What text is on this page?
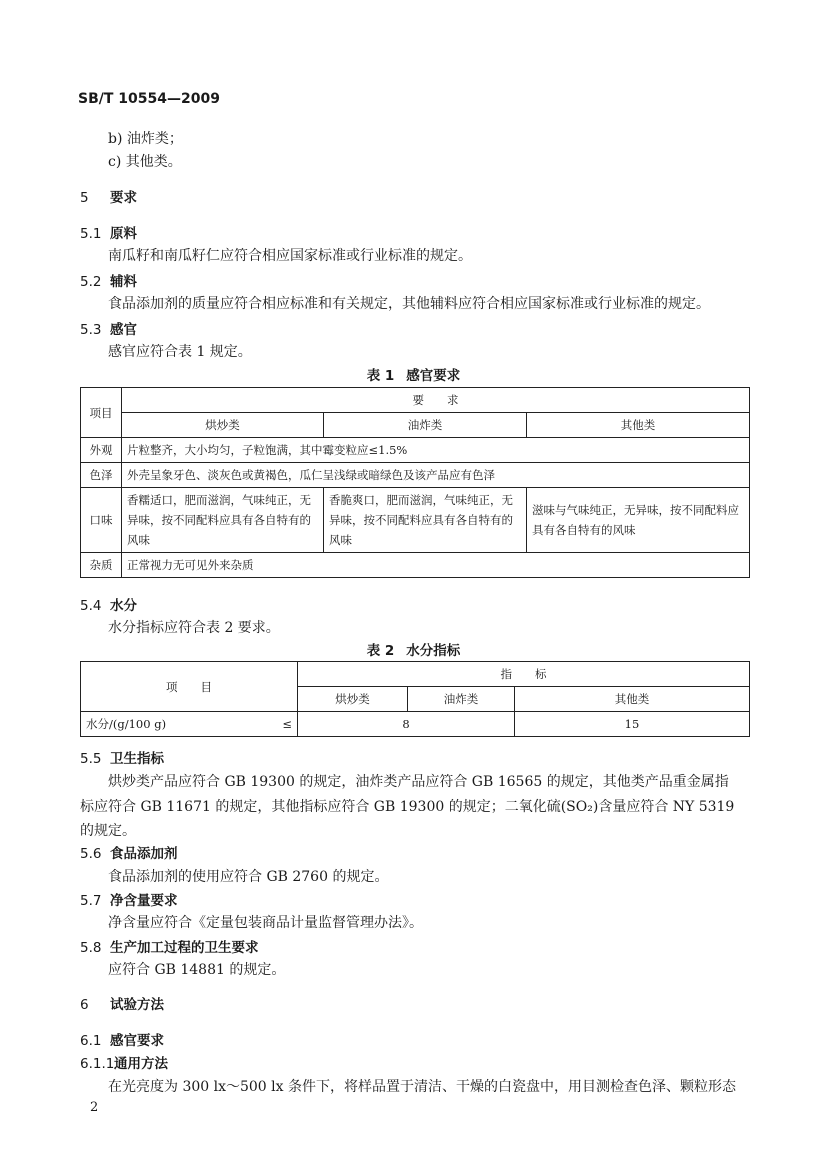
SB/T 10554—2009
b) 油炸类；
c) 其他类。
5 要求
5.1 原料
南瓜籽和南瓜籽仁应符合相应国家标准或行业标准的规定。
5.2 辅料
食品添加剂的质量应符合相应标准和有关规定，其他辅料应符合相应国家标准或行业标准的规定。
5.3 感官
感官应符合表 1 规定。
表 1 感官要求
项目	要　　求		
	烘炒类	油炸类	其他类
外观	片粒整齐，大小均匀，子粒饱满，其中霉变粒应≤1.5%		
色泽	外壳呈象牙色、淡灰色或黄褐色，瓜仁呈浅绿或暗绿色及该产品应有色泽		
口味	香糯适口，肥而滋润，气味纯正，无异味，按不同配料应具有各自特有的风味	香脆爽口，肥而滋润，气味纯正，无异味，按不同配料应具有各自特有的风味	滋味与气味纯正，无异味，按不同配料应具有各自特有的风味
杂质	正常视力无可见外来杂质		
5.4 水分
水分指标应符合表 2 要求。
表 2 水分指标
项　　目	指　　标		
	烘炒类	油炸类	其他类
水分/(g/100 g) ≤	8		15
5.5 卫生指标
烘炒类产品应符合 GB 19300 的规定，油炸类产品应符合 GB 16565 的规定，其他类产品重金属指
标应符合 GB 11671 的规定，其他指标应符合 GB 19300 的规定；二氧化硫(SO₂)含量应符合 NY 5319
的规定。
5.6 食品添加剂
食品添加剂的使用应符合 GB 2760 的规定。
5.7 净含量要求
净含量应符合《定量包装商品计量监督管理办法》。
5.8 生产加工过程的卫生要求
应符合 GB 14881 的规定。
6 试验方法
6.1 感官要求
6.1.1通用方法
在光亮度为 300 lx～500 lx 条件下，将样品置于清洁、干燥的白瓷盘中，用目测检查色泽、颗粒形态
2
